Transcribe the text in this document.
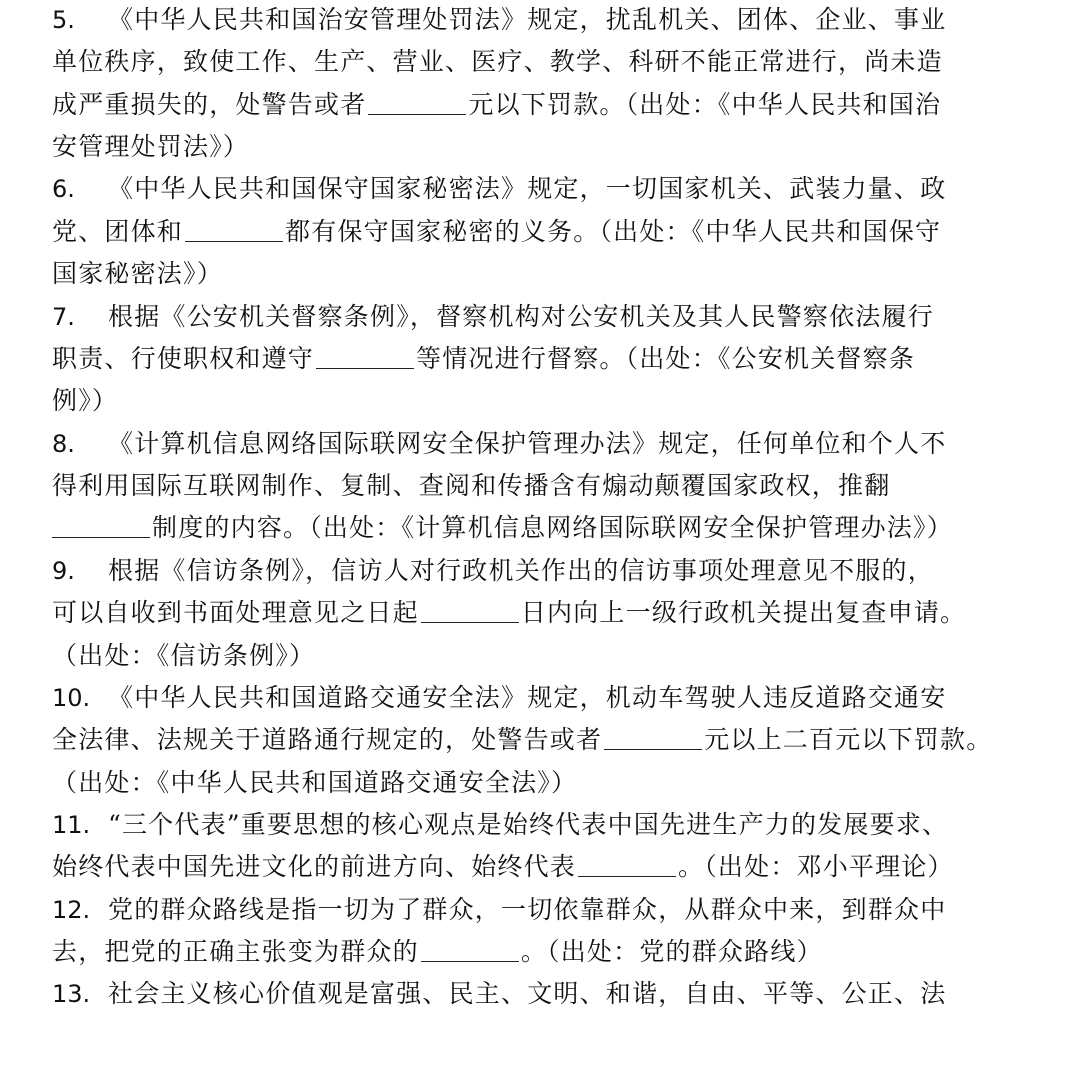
5. 《中华人民共和国治安管理处罚法》规定，扰乱机关、团体、企业、事业
单位秩序，致使工作、生产、营业、医疗、教学、科研不能正常进行，尚未造
成严重损失的，处警告或者	元以下罚款。（出处：《中华人民共和国治
安管理处罚法》）
6. 《中华人民共和国保守国家秘密法》规定，一切国家机关、武装力量、政
党、团体和	都有保守国家秘密的义务。（出处：《中华人民共和国保守
国家秘密法》）
7. 根据《公安机关督察条例》，督察机构对公安机关及其人民警察依法履行
职责、行使职权和遵守	等情况进行督察。（出处：《公安机关督察条
例》）
8. 《计算机信息网络国际联网安全保护管理办法》规定，任何单位和个人不
得利用国际互联网制作、复制、查阅和传播含有煽动颠覆国家政权，推翻
制度的内容。（出处：《计算机信息网络国际联网安全保护管理办法》）
9. 根据《信访条例》，信访人对行政机关作出的信访事项处理意见不服的，
可以自收到书面处理意见之日起	日内向上一级行政机关提出复查申请。
（出处：《信访条例》）
10. 《中华人民共和国道路交通安全法》规定，机动车驾驶人违反道路交通安
全法律、法规关于道路通行规定的，处警告或者	元以上二百元以下罚款。
（出处：《中华人民共和国道路交通安全法》）
11. “三个代表”重要思想的核心观点是始终代表中国先进生产力的发展要求、
始终代表中国先进文化的前进方向、始终代表	。（出处：邓小平理论）
12. 党的群众路线是指一切为了群众，一切依靠群众，从群众中来，到群众中
去，把党的正确主张变为群众的	。（出处：党的群众路线）
13. 社会主义核心价值观是富强、民主、文明、和谐，自由、平等、公正、法
